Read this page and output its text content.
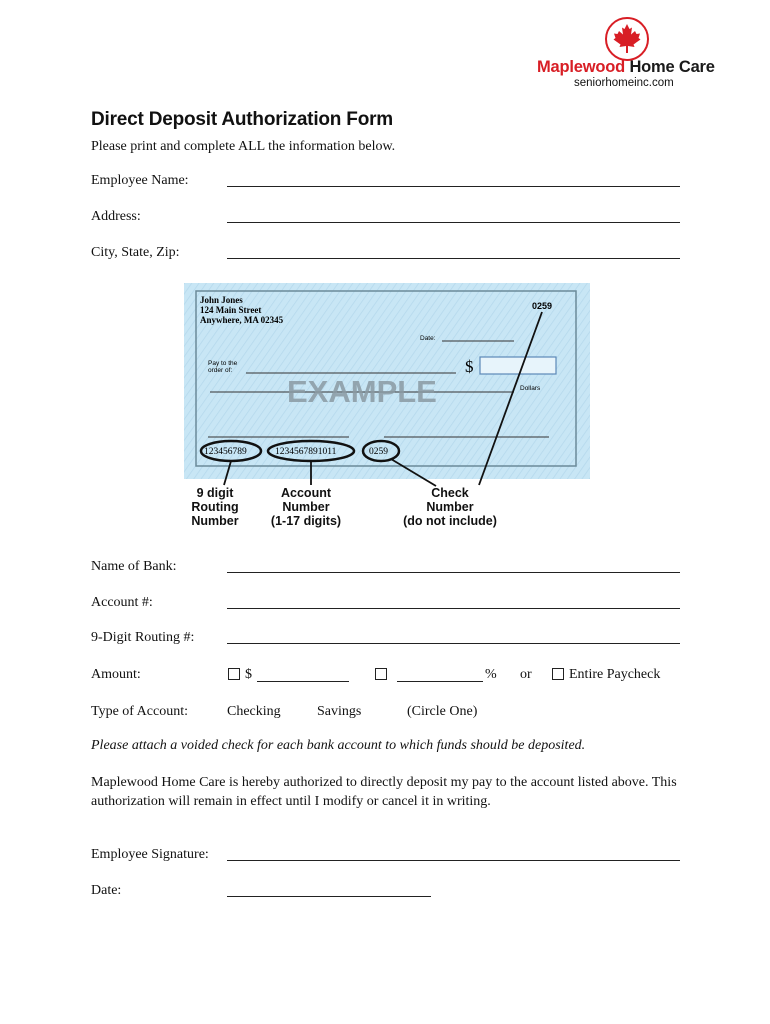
Maplewood Home Care
seniorhomeinc.com
Direct Deposit Authorization Form
Please print and complete ALL the information below.
Employee Name:
Address:
City, State, Zip:
John Jones
124 Main Street
Anywhere, MA 02345
0259
Date:
Pay to the
order of:	$
Dollars
EXAMPLE
123456789	1234567891011	0259
9 digit
Routing
Number
Account
Number
(1-17 digits)
Check
Number
(do not include)
Name of Bank:
Account #:
9-Digit Routing #:
Amount:	$	% or	Entire Paycheck
Type of Account:	Checking	Savings	(Circle One)
Please attach a voided check for each bank account to which funds should be deposited.
Maplewood Home Care is hereby authorized to directly deposit my pay to the account listed above. This authorization will remain in effect until I modify or cancel it in writing.
Employee Signature:
Date:
